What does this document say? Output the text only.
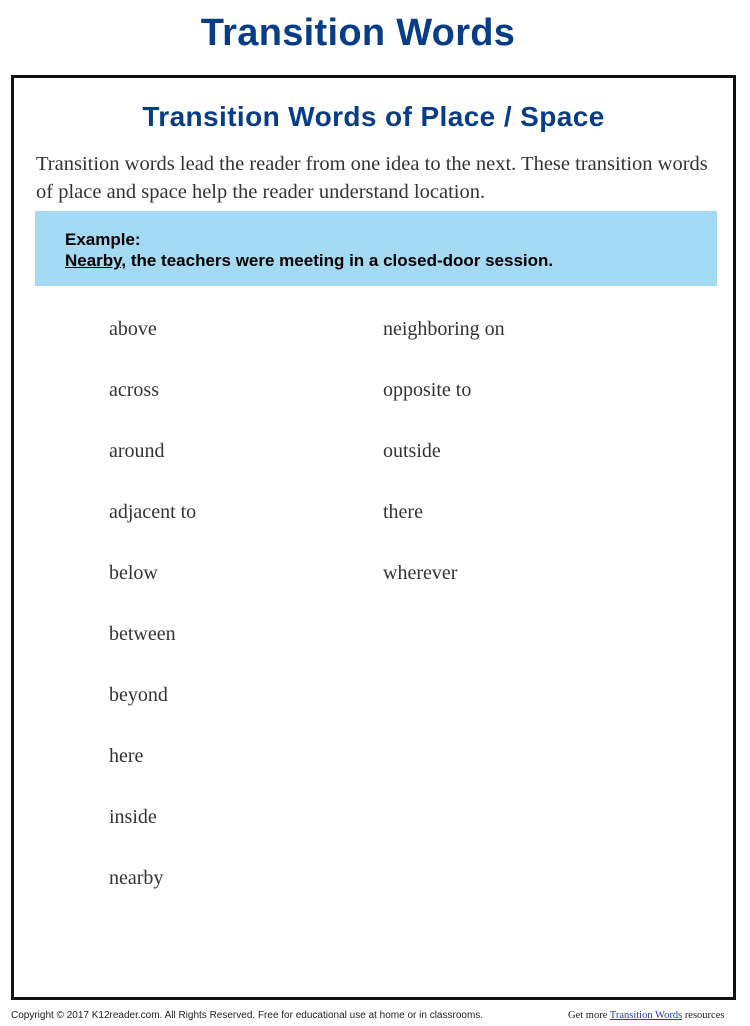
Transition Words
Transition Words of Place / Space
Transition words lead the reader from one idea to the next. These transition words of place and space help the reader understand location.
Example:
Nearby, the teachers were meeting in a closed-door session.
above
across
around
adjacent to
below
between
beyond
here
inside
nearby
neighboring on
opposite to
outside
there
wherever
Copyright © 2017 K12reader.com. All Rights Reserved. Free for educational use at home or in classrooms.	Get more Transition Words resources
